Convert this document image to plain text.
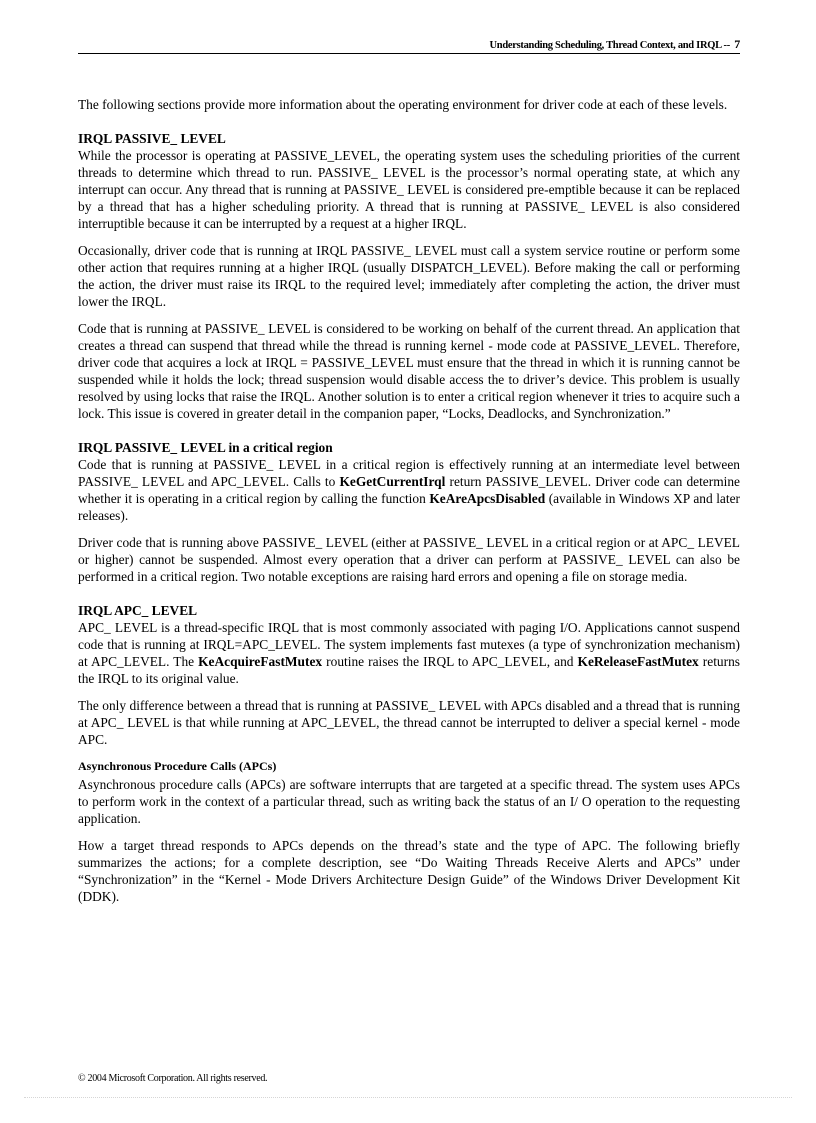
Understanding Scheduling, Thread Context, and IRQL -- 7

The following sections provide more information about the operating environment for driver code at each of these levels.

IRQL PASSIVE_ LEVEL

While the processor is operating at PASSIVE_LEVEL, the operating system uses the scheduling priorities of the current threads to determine which thread to run. PASSIVE_ LEVEL is the processor’s normal operating state, at which any interrupt can occur. Any thread that is running at PASSIVE_ LEVEL is considered pre-emptible because it can be replaced by a thread that has a higher scheduling priority. A thread that is running at PASSIVE_ LEVEL is also considered interruptible because it can be interrupted by a request at a higher IRQL.

Occasionally, driver code that is running at IRQL PASSIVE_ LEVEL must call a system service routine or perform some other action that requires running at a higher IRQL (usually DISPATCH_LEVEL). Before making the call or performing the action, the driver must raise its IRQL to the required level; immediately after completing the action, the driver must lower the IRQL.

Code that is running at PASSIVE_ LEVEL is considered to be working on behalf of the current thread. An application that creates a thread can suspend that thread while the thread is running kernel - mode code at PASSIVE_LEVEL. Therefore, driver code that acquires a lock at IRQL = PASSIVE_LEVEL must ensure that the thread in which it is running cannot be suspended while it holds the lock; thread suspension would disable access the to driver’s device. This problem is usually resolved by using locks that raise the IRQL. Another solution is to enter a critical region whenever it tries to acquire such a lock. This issue is covered in greater detail in the companion paper, “Locks, Deadlocks, and Synchronization.”

IRQL PASSIVE_ LEVEL in a critical region

Code that is running at PASSIVE_ LEVEL in a critical region is effectively running at an intermediate level between PASSIVE_ LEVEL and APC_LEVEL. Calls to KeGetCurrentIrql return PASSIVE_LEVEL. Driver code can determine whether it is operating in a critical region by calling the function KeAreApcsDisabled (available in Windows XP and later releases).

Driver code that is running above PASSIVE_ LEVEL (either at PASSIVE_ LEVEL in a critical region or at APC_ LEVEL or higher) cannot be suspended. Almost every operation that a driver can perform at PASSIVE_ LEVEL can also be performed in a critical region. Two notable exceptions are raising hard errors and opening a file on storage media.

IRQL APC_ LEVEL

APC_ LEVEL is a thread-specific IRQL that is most commonly associated with paging I/O. Applications cannot suspend code that is running at IRQL=APC_LEVEL. The system implements fast mutexes (a type of synchronization mechanism) at APC_LEVEL. The KeAcquireFastMutex routine raises the IRQL to APC_LEVEL, and KeReleaseFastMutex returns the IRQL to its original value.

The only difference between a thread that is running at PASSIVE_ LEVEL with APCs disabled and a thread that is running at APC_ LEVEL is that while running at APC_LEVEL, the thread cannot be interrupted to deliver a special kernel - mode APC.

Asynchronous Procedure Calls (APCs)

Asynchronous procedure calls (APCs) are software interrupts that are targeted at a specific thread. The system uses APCs to perform work in the context of a particular thread, such as writing back the status of an I/ O operation to the requesting application.

How a target thread responds to APCs depends on the thread’s state and the type of APC. The following briefly summarizes the actions; for a complete description, see “Do Waiting Threads Receive Alerts and APCs” under “Synchronization” in the “Kernel - Mode Drivers Architecture Design Guide” of the Windows Driver Development Kit (DDK).

© 2004 Microsoft Corporation. All rights reserved.
